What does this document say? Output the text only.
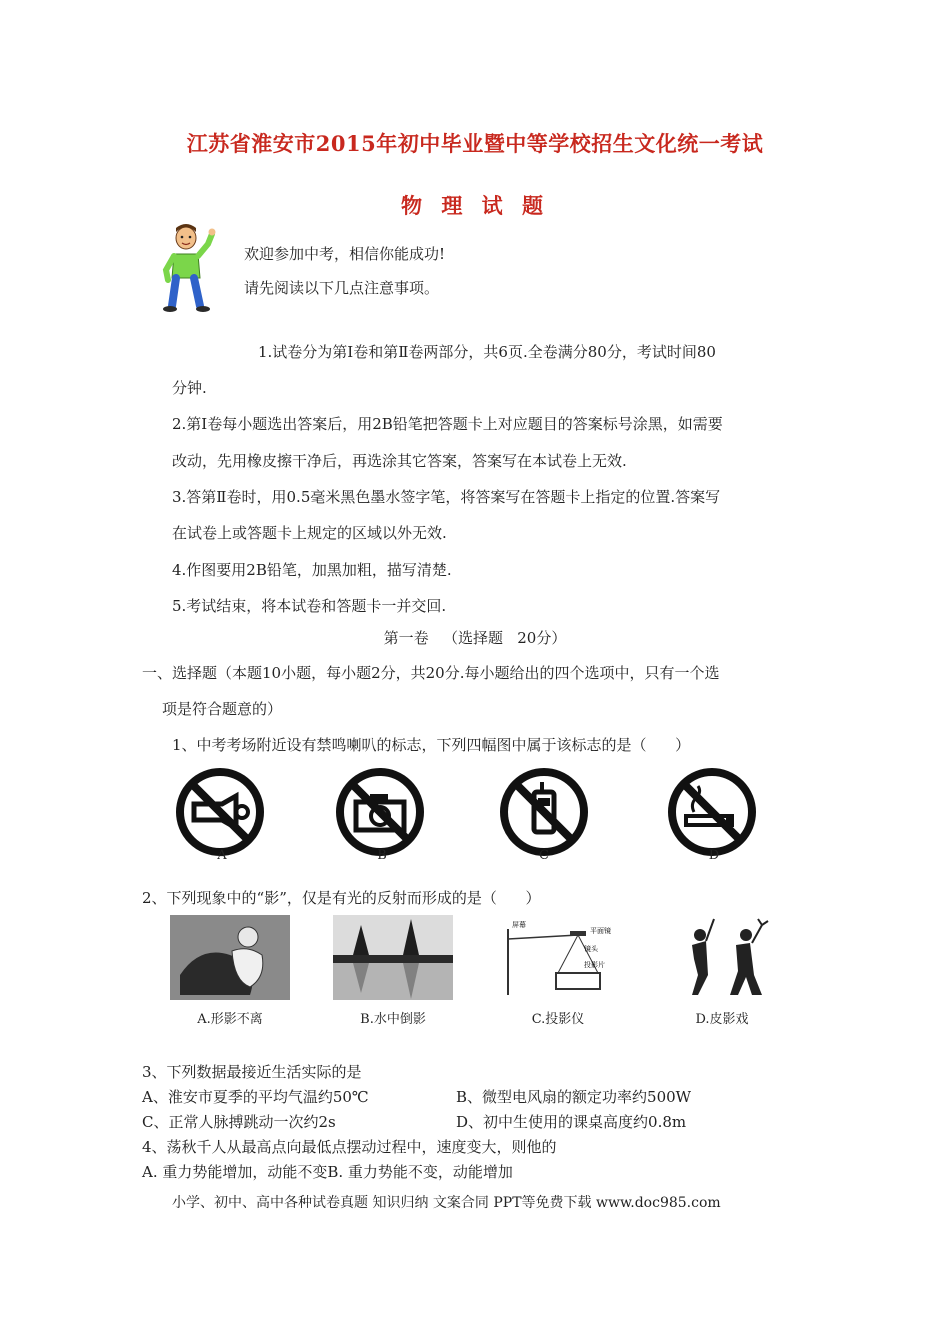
江苏省淮安市2015年初中毕业暨中等学校招生文化统一考试
物 理 试 题
欢迎参加中考，相信你能成功!
请先阅读以下几点注意事项。
1.试卷分为第Ⅰ卷和第Ⅱ卷两部分，共6页.全卷满分80分，考试时间80
分钟.
2.第Ⅰ卷每小题选出答案后，用2B铅笔把答题卡上对应题目的答案标号涂黑，如需要
改动，先用橡皮擦干净后，再选涂其它答案，答案写在本试卷上无效.
3.答第Ⅱ卷时，用0.5毫米黑色墨水签字笔，将答案写在答题卡上指定的位置.答案写
在试卷上或答题卡上规定的区域以外无效.
4.作图要用2B铅笔，加黑加粗，描写清楚.
5.考试结束，将本试卷和答题卡一并交回.
第一卷   （选择题   20分）
一、选择题（本题10小题，每小题2分，共20分.每小题给出的四个选项中，只有一个选
项是符合题意的）
1、中考考场附近设有禁鸣喇叭的标志，下列四幅图中属于该标志的是（      ）
A	B	C	D
2、下列现象中的“影”，仅是有光的反射而形成的是（      ）
屏幕
平面镜
镜头
投影片
A.形影不离	B.水中倒影	C.投影仪	D.皮影戏
3、下列数据最接近生活实际的是
A、淮安市夏季的平均气温约50℃	B、微型电风扇的额定功率约500W
C、正常人脉搏跳动一次约2s	D、初中生使用的课桌高度约0.8m
4、荡秋千人从最高点向最低点摆动过程中，速度变大，则他的
A. 重力势能增加，动能不变B. 重力势能不变，动能增加
小学、初中、高中各种试卷真题 知识归纳 文案合同 PPT等免费下载 www.doc985.com
